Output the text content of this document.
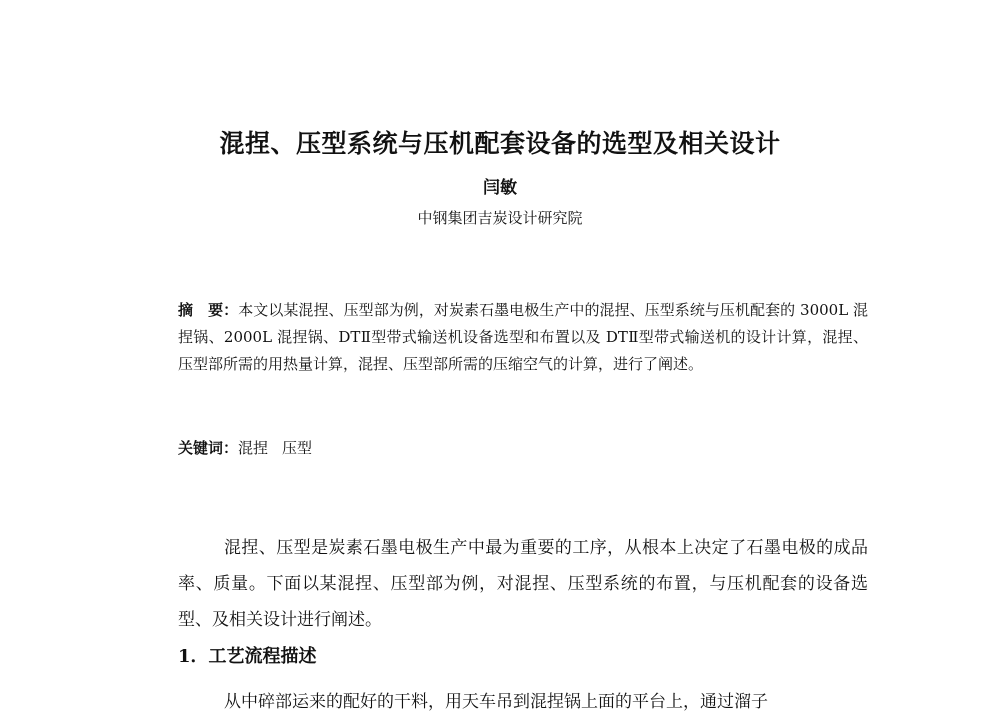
混捏、压型系统与压机配套设备的选型及相关设计
闫敏
中钢集团吉炭设计研究院
摘　要：本文以某混捏、压型部为例，对炭素石墨电极生产中的混捏、压型系统与压机配套的 3000L 混捏锅、2000L 混捏锅、DTⅡ型带式输送机设备选型和布置以及 DTⅡ型带式输送机的设计计算，混捏、压型部所需的用热量计算，混捏、压型部所需的压缩空气的计算，进行了阐述。
关键词：混捏 压型
混捏、压型是炭素石墨电极生产中最为重要的工序，从根本上决定了石墨电极的成品率、质量。下面以某混捏、压型部为例，对混捏、压型系统的布置，与压机配套的设备选型、及相关设计进行阐述。
1．工艺流程描述
从中碎部运来的配好的干料，用天车吊到混捏锅上面的平台上，通过溜子
